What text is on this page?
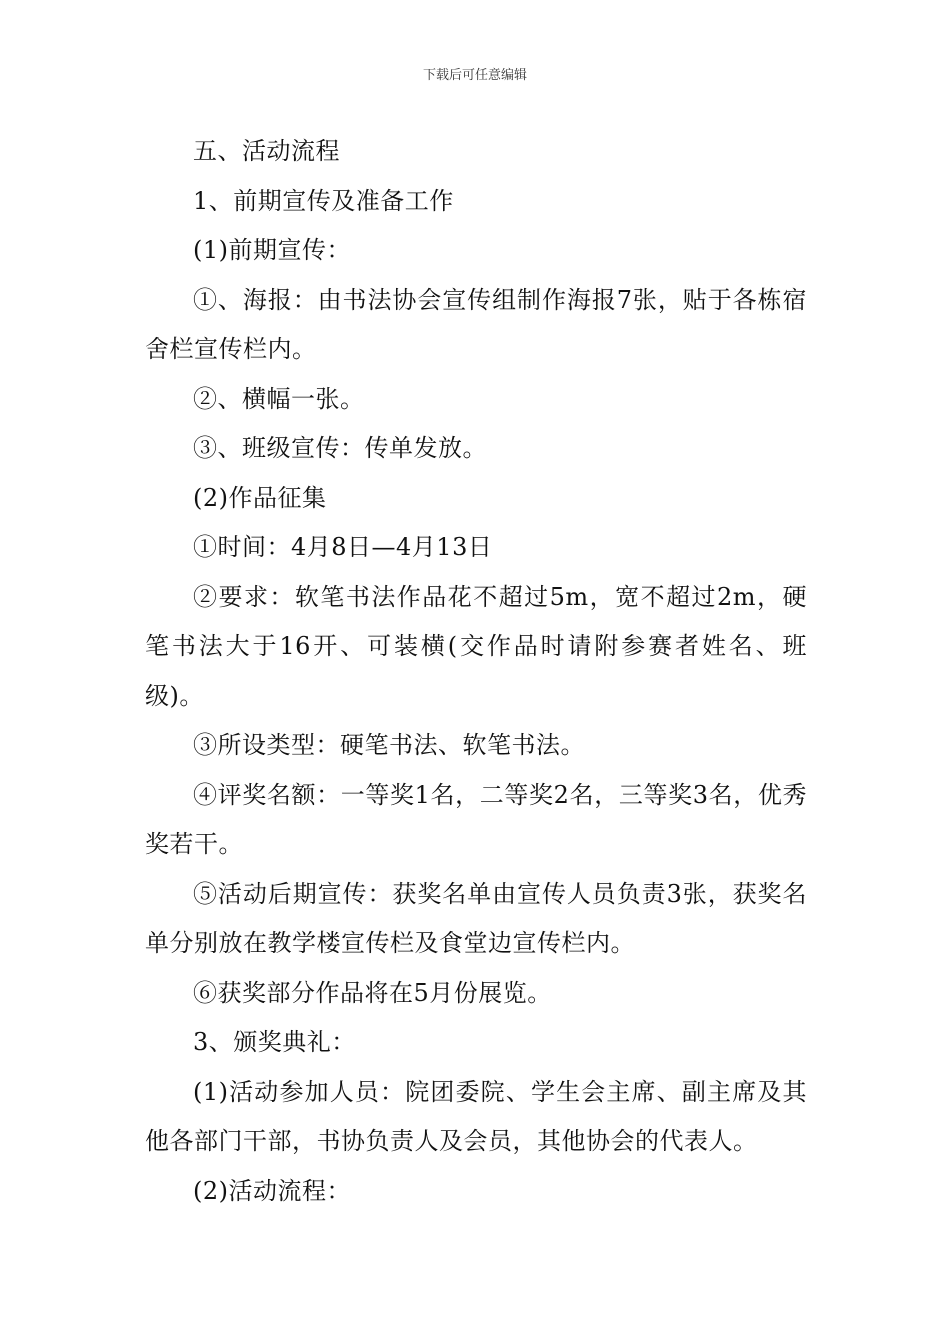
下载后可任意编辑

五、活动流程

1、前期宣传及准备工作

(1)前期宣传：

①、海报：由书法协会宣传组制作海报7张，贴于各栋宿舍栏宣传栏内。

②、横幅一张。

③、班级宣传：传单发放。

(2)作品征集

①时间：4月8日—4月13日

②要求：软笔书法作品花不超过5m，宽不超过2m，硬笔书法大于16开、可装横(交作品时请附参赛者姓名、班级)。

③所设类型：硬笔书法、软笔书法。

④评奖名额：一等奖1名，二等奖2名，三等奖3名，优秀奖若干。

⑤活动后期宣传：获奖名单由宣传人员负责3张，获奖名单分别放在教学楼宣传栏及食堂边宣传栏内。

⑥获奖部分作品将在5月份展览。

3、颁奖典礼：

(1)活动参加人员：院团委院、学生会主席、副主席及其他各部门干部，书协负责人及会员，其他协会的代表人。

(2)活动流程：
